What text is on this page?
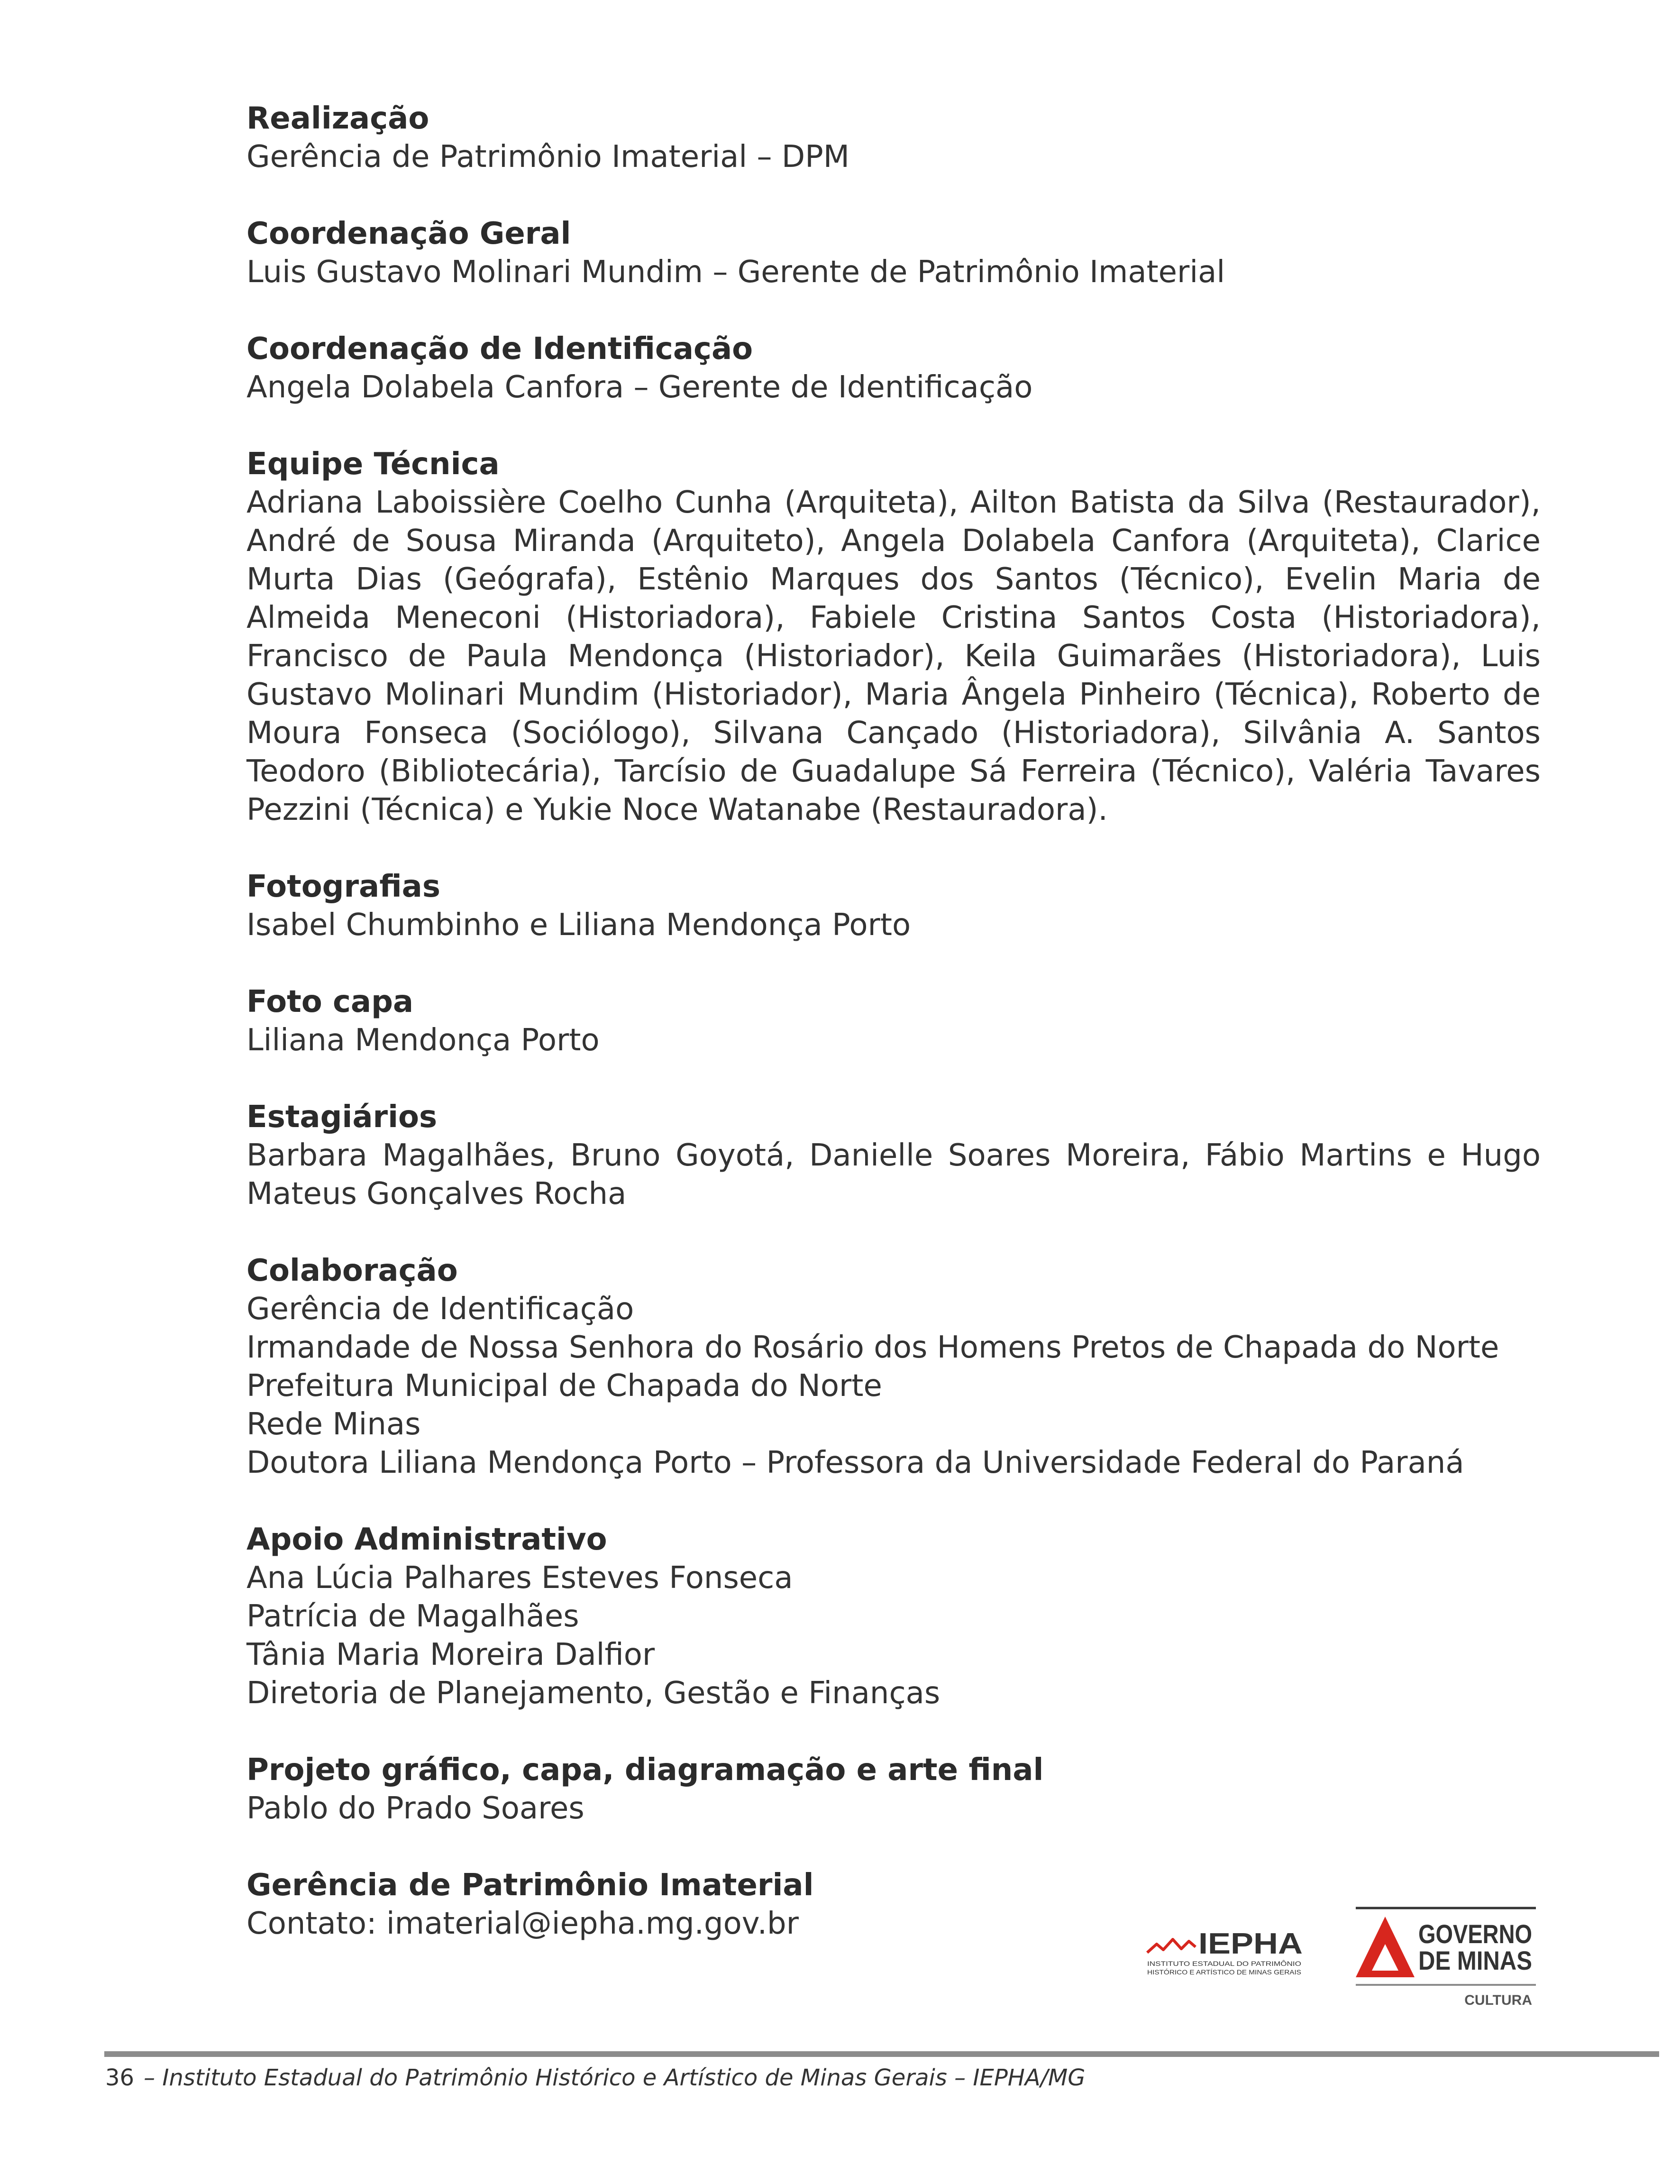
Realização
Gerência de Patrimônio Imaterial – DPM
Coordenação Geral
Luis Gustavo Molinari Mundim – Gerente de Patrimônio Imaterial
Coordenação de Identificação
Angela Dolabela Canfora – Gerente de Identificação
Equipe Técnica
Adriana Laboissière Coelho Cunha (Arquiteta), Ailton Batista da Silva (Restaurador), André de Sousa Miranda (Arquiteto), Angela Dolabela Canfora (Arquiteta), Clarice Murta Dias (Geógrafa), Estênio Marques dos Santos (Técnico), Evelin Maria de Almeida Meneconi (Historiadora), Fabiele Cristina Santos Costa (Historiadora), Francisco de Paula Mendonça (Historiador), Keila Guimarães (Historiadora), Luis Gustavo Molinari Mundim (Historiador), Maria Ângela Pinheiro (Técnica), Roberto de Moura Fonseca (Sociólogo), Silvana Cançado (Historiadora), Silvânia A. Santos Teodoro (Bibliotecária), Tarcísio de Guadalupe Sá Ferreira (Técnico), Valéria Tavares Pezzini (Técnica) e Yukie Noce Watanabe (Restauradora).
Fotografias
Isabel Chumbinho e Liliana Mendonça Porto
Foto capa
Liliana Mendonça Porto
Estagiários
Barbara Magalhães, Bruno Goyotá, Danielle Soares Moreira, Fábio Martins e Hugo Mateus Gonçalves Rocha
Colaboração
Gerência de Identificação
Irmandade de Nossa Senhora do Rosário dos Homens Pretos de Chapada do Norte
Prefeitura Municipal de Chapada do Norte
Rede Minas
Doutora Liliana Mendonça Porto – Professora da Universidade Federal do Paraná
Apoio Administrativo
Ana Lúcia Palhares Esteves Fonseca
Patrícia de Magalhães
Tânia Maria Moreira Dalfior
Diretoria de Planejamento, Gestão e Finanças
Projeto gráfico, capa, diagramação e arte final
Pablo do Prado Soares
Gerência de Patrimônio Imaterial
Contato: imaterial@iepha.mg.gov.br
IEPHA
INSTITUTO ESTADUAL DO PATRIMÔNIO
HISTÓRICO E ARTÍSTICO DE MINAS GERAIS
GOVERNO
DE MINAS
CULTURA
36 – Instituto Estadual do Patrimônio Histórico e Artístico de Minas Gerais – IEPHA/MG
